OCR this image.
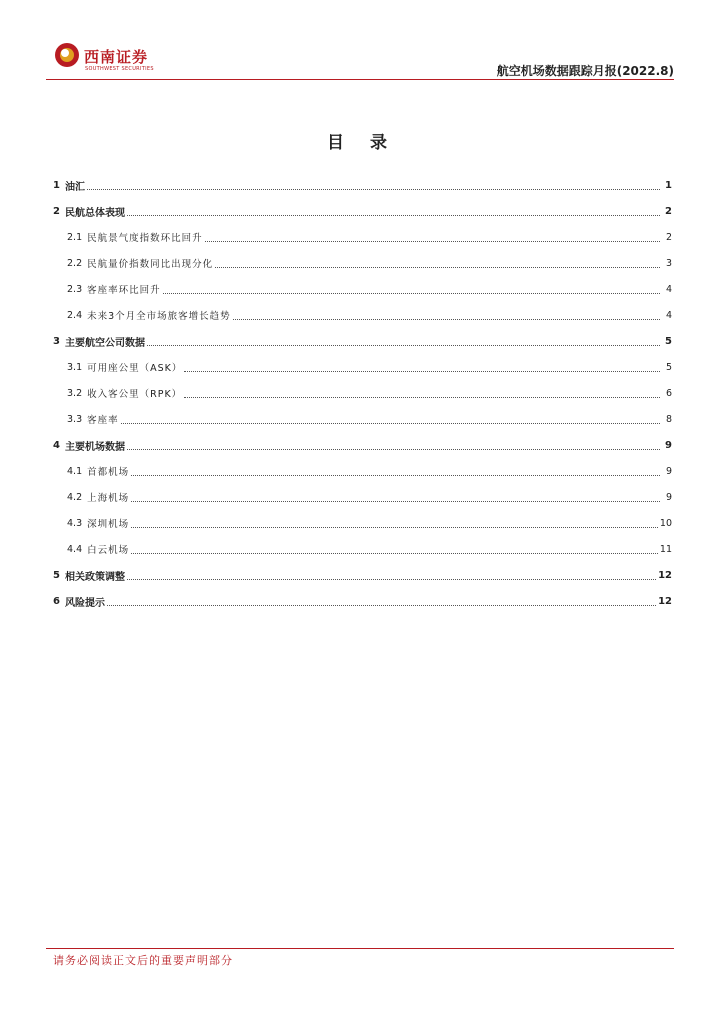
西南证券
SOUTHWEST SECURITIES	航空机场数据跟踪月报(2022.8)
目 录
1 油汇	1
2 民航总体表现	2
2.1 民航景气度指数环比回升	2
2.2 民航量价指数同比出现分化	3
2.3 客座率环比回升	4
2.4 未来3个月全市场旅客增长趋势	4
3 主要航空公司数据	5
3.1 可用座公里（ASK）	5
3.2 收入客公里（RPK）	6
3.3 客座率	8
4 主要机场数据	9
4.1 首都机场	9
4.2 上海机场	9
4.3 深圳机场	10
4.4 白云机场	11
5 相关政策调整	12
6 风险提示	12
请务必阅读正文后的重要声明部分
